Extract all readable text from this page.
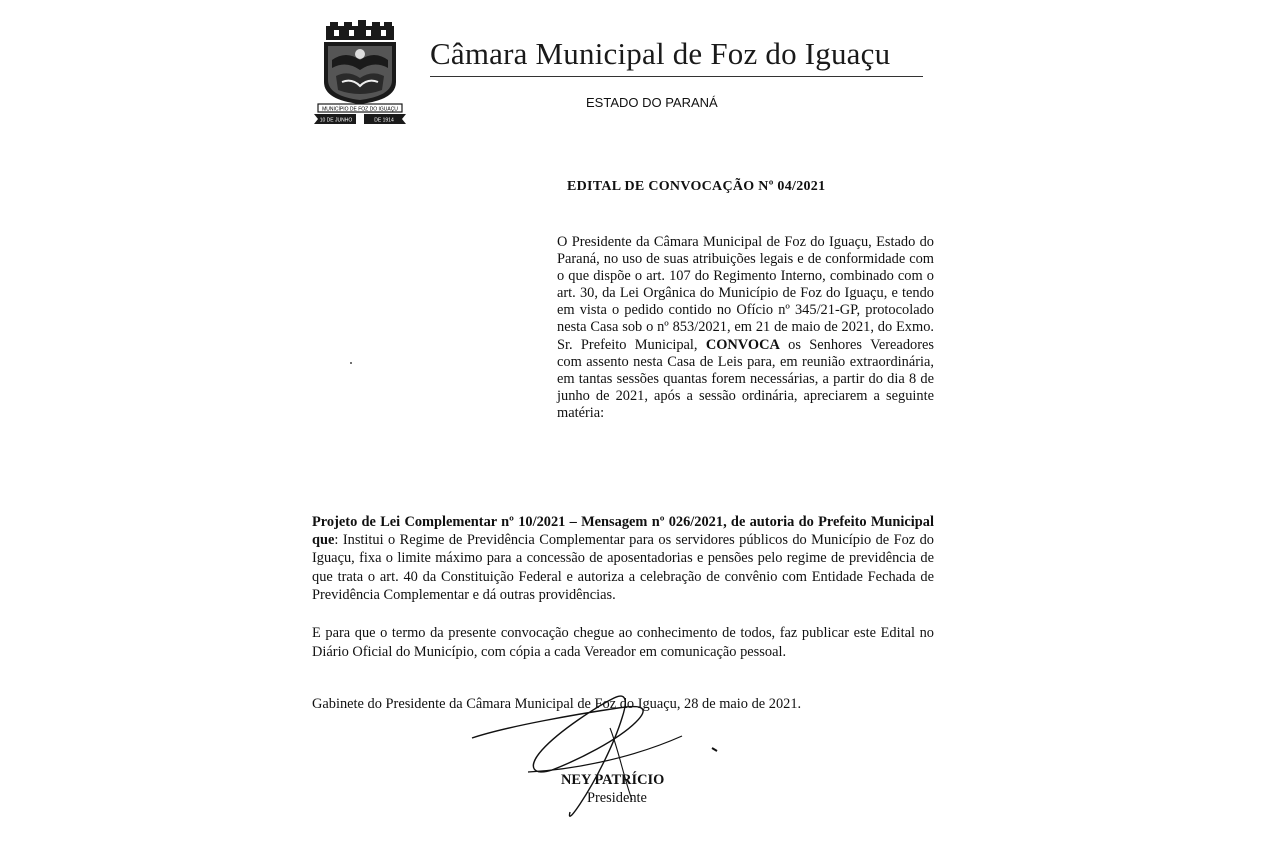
MUNICÍPIO DE FOZ DO IGUAÇU
10 DE JUNHO	DE 1914
Câmara Municipal de Foz do Iguaçu
ESTADO DO PARANÁ
EDITAL DE CONVOCAÇÃO Nº 04/2021
O Presidente da Câmara Municipal de Foz do Iguaçu, Estado do Paraná, no uso de suas atribuições legais e de conformidade com o que dispõe o art. 107 do Regimento Interno, combinado com o art. 30, da Lei Orgânica do Município de Foz do Iguaçu, e tendo em vista o pedido contido no Ofício nº 345/21-GP, protocolado nesta Casa sob o nº 853/2021, em 21 de maio de 2021, do Exmo. Sr. Prefeito Municipal, CONVOCA os Senhores Vereadores com assento nesta Casa de Leis para, em reunião extraordinária, em tantas sessões quantas forem necessárias, a partir do dia 8 de junho de 2021, após a sessão ordinária, apreciarem a seguinte matéria:
Projeto de Lei Complementar nº 10/2021 – Mensagem nº 026/2021, de autoria do Prefeito Municipal que: Institui o Regime de Previdência Complementar para os servidores públicos do Município de Foz do Iguaçu, fixa o limite máximo para a concessão de aposentadorias e pensões pelo regime de previdência de que trata o art. 40 da Constituição Federal e autoriza a celebração de convênio com Entidade Fechada de Previdência Complementar e dá outras providências.
E para que o termo da presente convocação chegue ao conhecimento de todos, faz publicar este Edital no Diário Oficial do Município, com cópia a cada Vereador em comunicação pessoal.
Gabinete do Presidente da Câmara Municipal de Foz do Iguaçu, 28 de maio de 2021.
NEY PATRÍCIO
Presidente
